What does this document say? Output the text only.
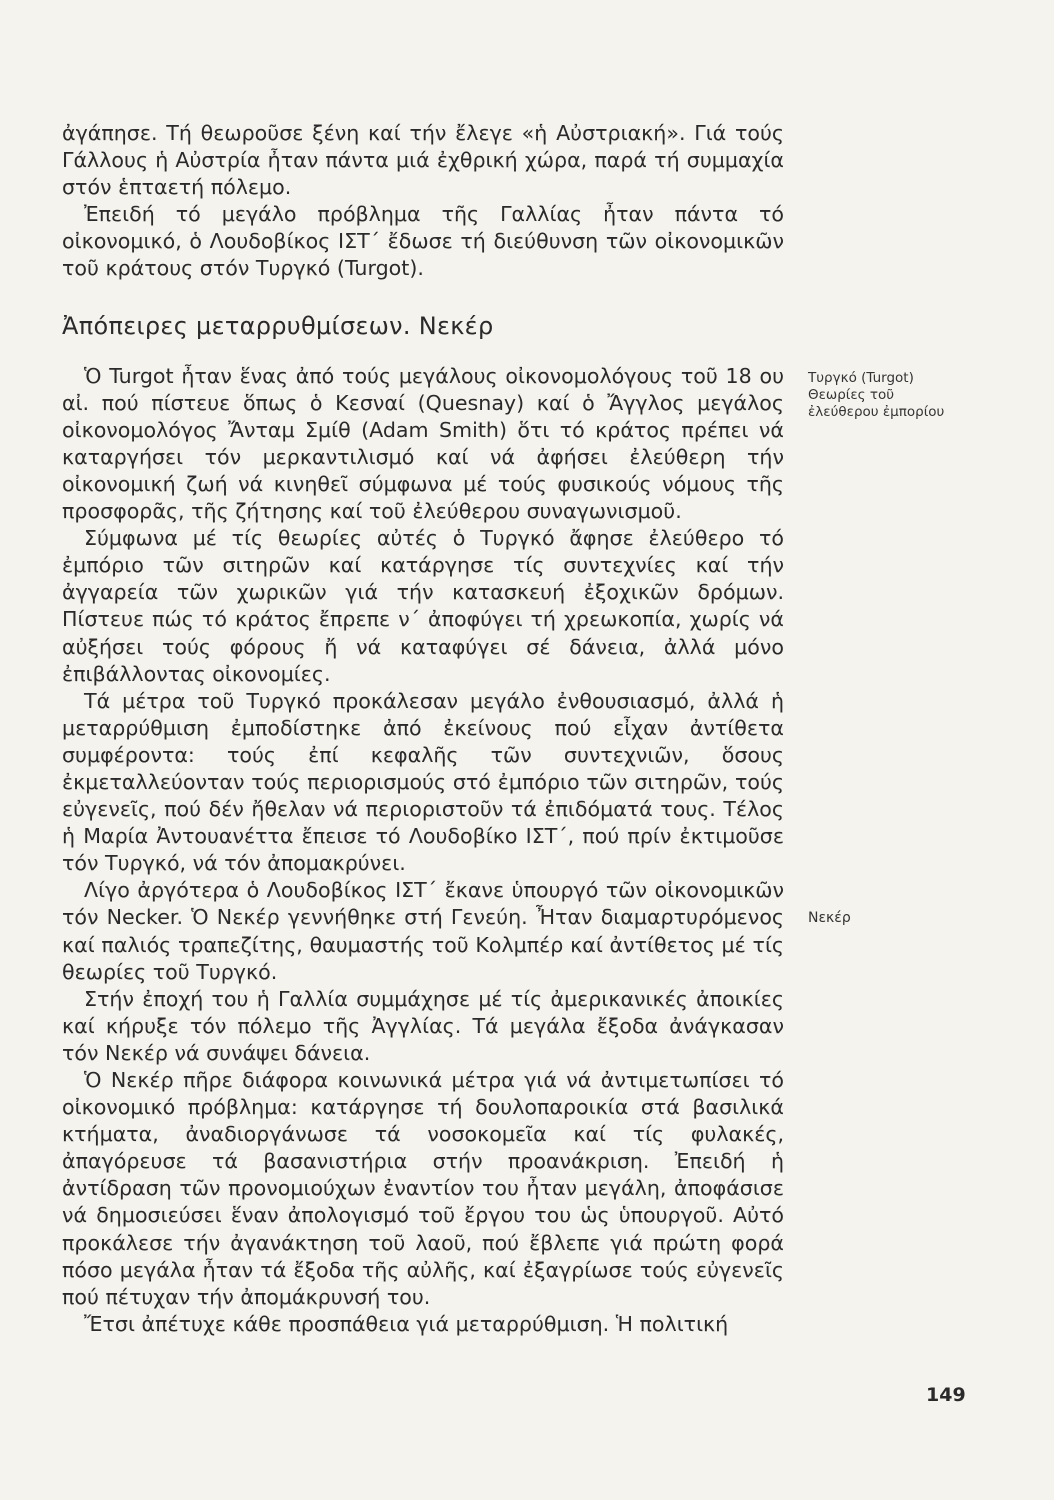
ἀγάπησε. Τή θεωροῦσε ξένη καί τήν ἔλεγε «ἡ Αὐστριακή». Γιά τούς Γάλλους ἡ Αὐστρία ἦταν πάντα μιά ἐχθρική χώρα, παρά τή συμμαχία στόν ἑπταετή πόλεμο.

Ἐπειδή τό μεγάλο πρόβλημα τῆς Γαλλίας ἦταν πάντα τό οἰκονομικό, ὁ Λουδοβίκος ΙΣΤ΄ ἔδωσε τή διεύθυνση τῶν οἰκονομικῶν τοῦ κράτους στόν Τυργκό (Turgot).

Ἀπόπειρες μεταρρυθμίσεων. Νεκέρ

Ὁ Turgot ἦταν ἕνας ἀπό τούς μεγάλους οἰκονομολόγους τοῦ 18 ου αἰ. πού πίστευε ὅπως ὁ Κεσναί (Quesnay) καί ὁ Ἄγγλος μεγάλος οἰκονομολόγος Ἄνταμ Σμίθ (Adam Smith) ὅτι τό κράτος πρέπει νά καταργήσει τόν μερκαντιλισμό καί νά ἀφήσει ἐλεύθερη τήν οἰκονομική ζωή νά κινηθεῖ σύμφωνα μέ τούς φυσικούς νόμους τῆς προσφορᾶς, τῆς ζήτησης καί τοῦ ἐλεύθερου συναγωνισμοῦ.

Σύμφωνα μέ τίς θεωρίες αὐτές ὁ Τυργκό ἄφησε ἐλεύθερο τό ἐμπόριο τῶν σιτηρῶν καί κατάργησε τίς συντεχνίες καί τήν ἀγγαρεία τῶν χωρικῶν γιά τήν κατασκευή ἐξοχικῶν δρόμων. Πίστευε πώς τό κράτος ἔπρεπε ν΄ ἀποφύγει τή χρεωκοπία, χωρίς νά αὐξήσει τούς φόρους ἤ νά καταφύγει σέ δάνεια, ἀλλά μόνο ἐπιβάλλοντας οἰκονομίες.

Τά μέτρα τοῦ Τυργκό προκάλεσαν μεγάλο ἐνθουσιασμό, ἀλλά ἡ μεταρρύθμιση ἐμποδίστηκε ἀπό ἐκείνους πού εἶχαν ἀντίθετα συμφέροντα: τούς ἐπί κεφαλῆς τῶν συντεχνιῶν, ὅσους ἐκμεταλλεύονταν τούς περιορισμούς στό ἐμπόριο τῶν σιτηρῶν, τούς εὐγενεῖς, πού δέν ἤθελαν νά περιοριστοῦν τά ἐπιδόματά τους. Τέλος ἡ Μαρία Ἀντουανέττα ἔπεισε τό Λουδοβίκο ΙΣΤ΄, πού πρίν ἐκτιμοῦσε τόν Τυργκό, νά τόν ἀπομακρύνει.

Λίγο ἀργότερα ὁ Λουδοβίκος ΙΣΤ΄ ἔκανε ὑπουργό τῶν οἰκονομικῶν τόν Necker. Ὁ Νεκέρ γεννήθηκε στή Γενεύη. Ἦταν διαμαρτυρόμενος καί παλιός τραπεζίτης, θαυμαστής τοῦ Κολμπέρ καί ἀντίθετος μέ τίς θεωρίες τοῦ Τυργκό.

Στήν ἐποχή του ἡ Γαλλία συμμάχησε μέ τίς ἀμερικανικές ἀποικίες καί κήρυξε τόν πόλεμο τῆς Ἀγγλίας. Τά μεγάλα ἔξοδα ἀνάγκασαν τόν Νεκέρ νά συνάψει δάνεια.

Ὁ Νεκέρ πῆρε διάφορα κοινωνικά μέτρα γιά νά ἀντιμετωπίσει τό οἰκονομικό πρόβλημα: κατάργησε τή δουλοπαροικία στά βασιλικά κτήματα, ἀναδιοργάνωσε τά νοσοκομεῖα καί τίς φυλακές, ἀπαγόρευσε τά βασανιστήρια στήν προανάκριση. Ἐπειδή ἡ ἀντίδραση τῶν προνομιούχων ἐναντίον του ἦταν μεγάλη, ἀποφάσισε νά δημοσιεύσει ἕναν ἀπολογισμό τοῦ ἔργου του ὡς ὑπουργοῦ. Αὐτό προκάλεσε τήν ἀγανάκτηση τοῦ λαοῦ, πού ἔβλεπε γιά πρώτη φορά πόσο μεγάλα ἦταν τά ἔξοδα τῆς αὐλῆς, καί ἐξαγρίωσε τούς εὐγενεῖς πού πέτυχαν τήν ἀπομάκρυνσή του.

Ἔτσι ἀπέτυχε κάθε προσπάθεια γιά μεταρρύθμιση. Ἡ πολιτική

Τυργκό (Turgot)
Θεωρίες τοῦ
ἐλεύθερου ἐμπορίου
Νεκέρ
149
